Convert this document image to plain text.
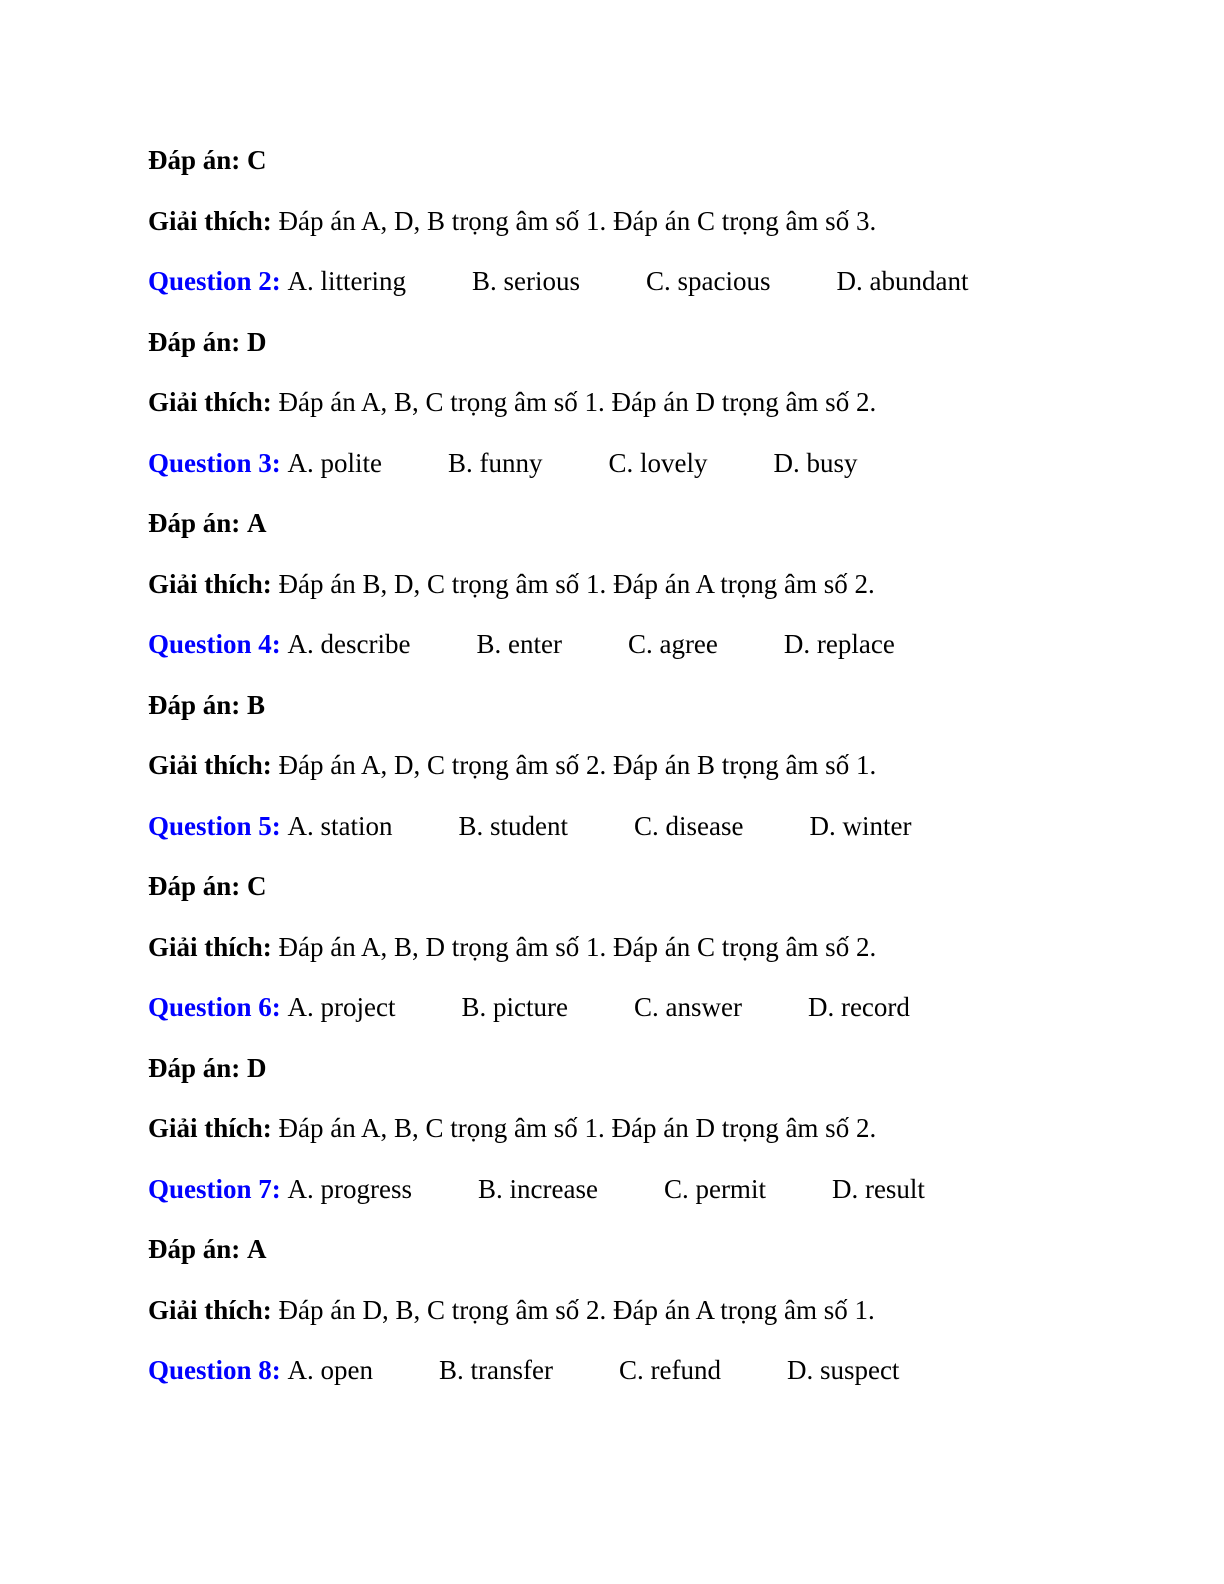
Đáp án: C
Giải thích: Đáp án A, D, B trọng âm số 1. Đáp án C trọng âm số 3.
Question 2: A. littering B. serious C. spacious D. abundant
Đáp án: D
Giải thích: Đáp án A, B, C trọng âm số 1. Đáp án D trọng âm số 2.
Question 3: A. polite B. funny C. lovely D. busy
Đáp án: A
Giải thích: Đáp án B, D, C trọng âm số 1. Đáp án A trọng âm số 2.
Question 4: A. describe B. enter C. agree D. replace
Đáp án: B
Giải thích: Đáp án A, D, C trọng âm số 2. Đáp án B trọng âm số 1.
Question 5: A. station B. student C. disease D. winter
Đáp án: C
Giải thích: Đáp án A, B, D trọng âm số 1. Đáp án C trọng âm số 2.
Question 6: A. project B. picture C. answer D. record
Đáp án: D
Giải thích: Đáp án A, B, C trọng âm số 1. Đáp án D trọng âm số 2.
Question 7: A. progress B. increase C. permit D. result
Đáp án: A
Giải thích: Đáp án D, B, C trọng âm số 2. Đáp án A trọng âm số 1.
Question 8: A. open B. transfer C. refund D. suspect
